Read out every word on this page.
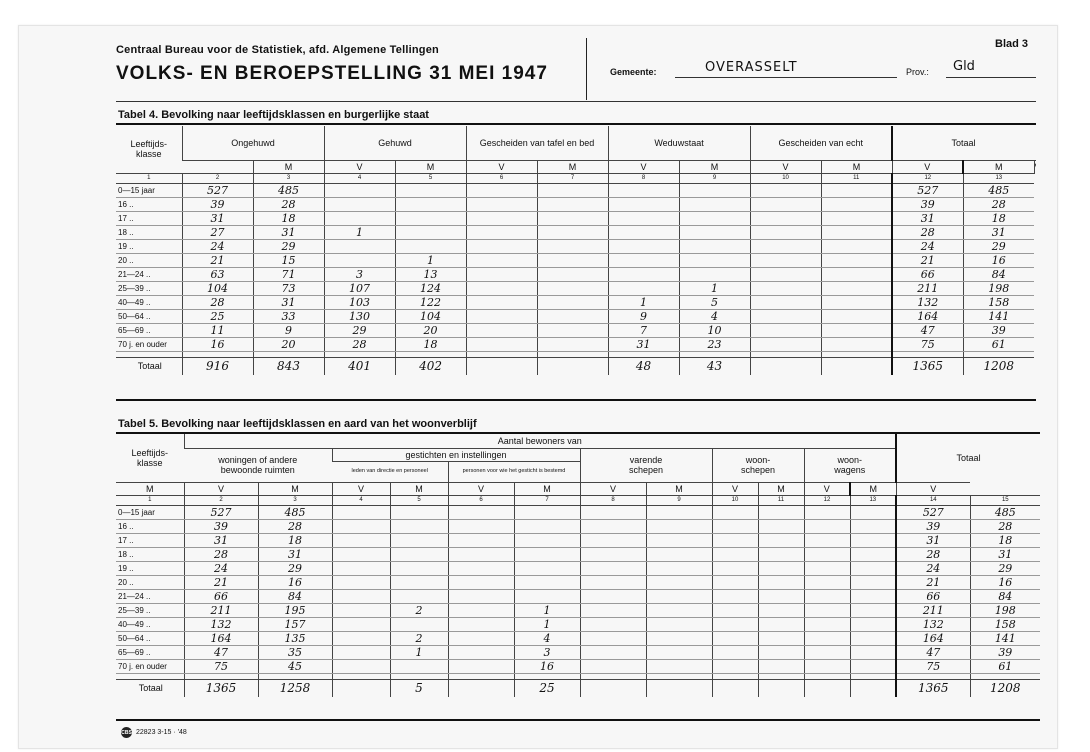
Centraal Bureau voor de Statistiek, afd. Algemene Tellingen
VOLKS- EN BEROEPSTELLING 31 MEI 1947
Blad 3
Gemeente:	OVERASSELT	Prov.: Gld
Tabel 4. Bevolking naar leeftijdsklassen en burgerlijke staat
Leeftijds-
klasse	Ongehuwd		Gehuwd		Gescheiden van tafel en bed		Weduwstaat		Gescheiden van echt		Totaal		
		M	V	M	V	M	V	M	V	M	V	M	
1	2	3	4	5	6	7	8	9	10	11	12	13	
0—15 jaar	527	485									527	485	
16 ..	39	28									39	28	
17 ..	31	18									31	18	
18 ..	27	31	1								28	31	
19 ..	24	29									24	29	
20 ..	21	15		1							21	16	
21—24 ..	63	71	3	13							66	84	
25—39 ..	104	73	107	124				1			211	198	
40—49 ..	28	31	103	122			1	5			132	158	
50—64 ..	25	33	130	104			9	4			164	141	
65—69 ..	11	9	29	20			7	10			47	39	
70 j. en ouder	16	20	28	18			31	23			75	61	

Totaal	916	843	401	402			48	43			1365	1208	
Tabel 5. Bevolking naar leeftijdsklassen en aard van het woonverblijf
Leeftijds-
klasse	Aantal bewoners van												Totaal	
	woningen of andere bewoonde ruimten		gestichten en instellingen				varende schepen		woon-schepen		woon-wagens			
			leden van directie en personeel		personen voor wie het gesticht is bestemd									
M	V	M	V	M	V	M	V	M	V	M	V	M	V	
1	2	3	4	5	6	7	8	9	10	11	12	13	14	15
0—15 jaar	527	485											527	485
16 ..	39	28											39	28
17 ..	31	18											31	18
18 ..	28	31											28	31
19 ..	24	29											24	29
20 ..	21	16											21	16
21—24 ..	66	84											66	84
25—39 ..	211	195		2		1							211	198
40—49 ..	132	157				1							132	158
50—64 ..	164	135		2		4							164	141
65—69 ..	47	35		1		3							47	39
70 j. en ouder	75	45				16							75	61

Totaal	1365	1258		5		25							1365	1208
CBS 22823 3-15 · '48
